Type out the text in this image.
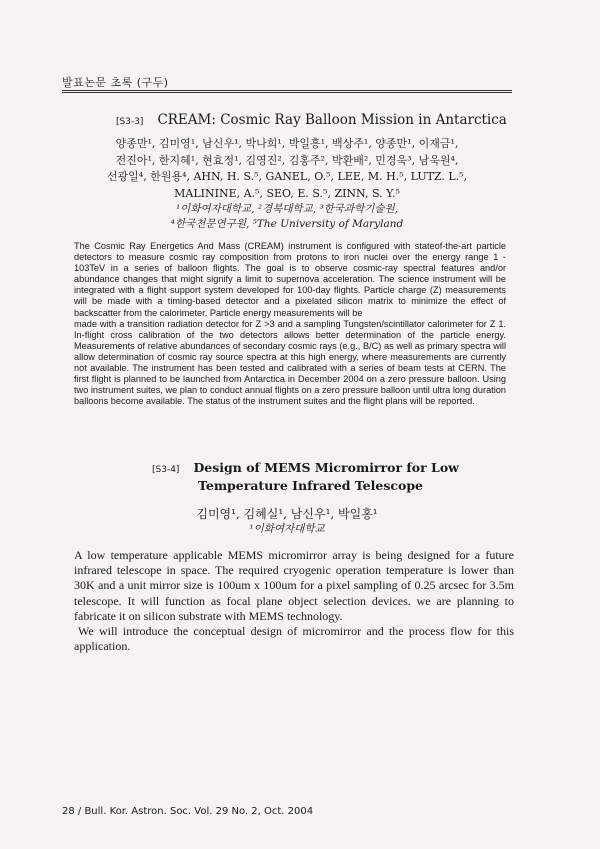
발표논문 초록 (구두)
[S3-3] CREAM: Cosmic Ray Balloon Mission in Antarctica
양종만¹, 김미영¹, 남신우¹, 박나희¹, 박일흥¹, 백상주¹, 양종만¹, 이재금¹,
전진아¹, 한지혜¹, 현효정¹, 김영진², 김홍주², 박환배², 민경욱³, 남욱원⁴,
선광일⁴, 한원용⁴, AHN, H. S.⁵, GANEL, O.⁵, LEE, M. H.⁵, LUTZ. L.⁵,
MALININE, A.⁵, SEO, E. S.⁵, ZINN, S. Y.⁵
¹이화여자대학교, ²경북대학교, ³한국과학기술원,
⁴한국천문연구원, ⁵The University of Maryland

The Cosmic Ray Energetics And Mass (CREAM) instrument is configured with stateof-the-art particle detectors to measure cosmic ray composition from protons to iron nuclei over the energy range 1 - 103TeV in a series of balloon flights. The goal is to observe cosmic-ray spectral features and/or abundance changes that might signify a limit to supernova acceleration. The science instrument will be integrated with a flight support system developed for 100-day flights. Particle charge (Z) measurements will be made with a timing-based detector and a pixelated silicon matrix to minimize the effect of backscatter from the calorimeter. Particle energy measurements will be

made with a transition radiation detector for Z >3 and a sampling Tungsten/scintillator calorimeter for Z 1. In-flight cross calibration of the two detectors allows better determination of the particle energy. Measurements of relative abundances of secondary cosmic rays (e.g., B/C) as well as primary spectra will allow determination of cosmic ray source spectra at this high energy, where measurements are currently not available. The instrument has been tested and calibrated with a series of beam tests at CERN. The first flight is planned to be launched from Antarctica in December 2004 on a zero pressure balloon. Using two instrument suites, we plan to conduct annual flights on a zero pressure balloon until ultra long duration balloons become available. The status of the instrument suites and the flight plans will be reported.

[S3-4] Design of MEMS Micromirror for Low
Temperature Infrared Telescope
김미영¹, 김혜실¹, 남신우¹, 박일홍¹
¹이화여자대학교

A low temperature applicable MEMS micromirror array is being designed for a future infrared telescope in space. The required cryogenic operation temperature is lower than 30K and a unit mirror size is 100um x 100um for a pixel sampling of 0.25 arcsec for 3.5m telescope. It will function as focal plane object selection devices. we are planning to fabricate it on silicon substrate with MEMS technology.

We will introduce the conceptual design of micromirror and the process flow for this application.

28 / Bull. Kor. Astron. Soc. Vol. 29 No. 2, Oct. 2004
